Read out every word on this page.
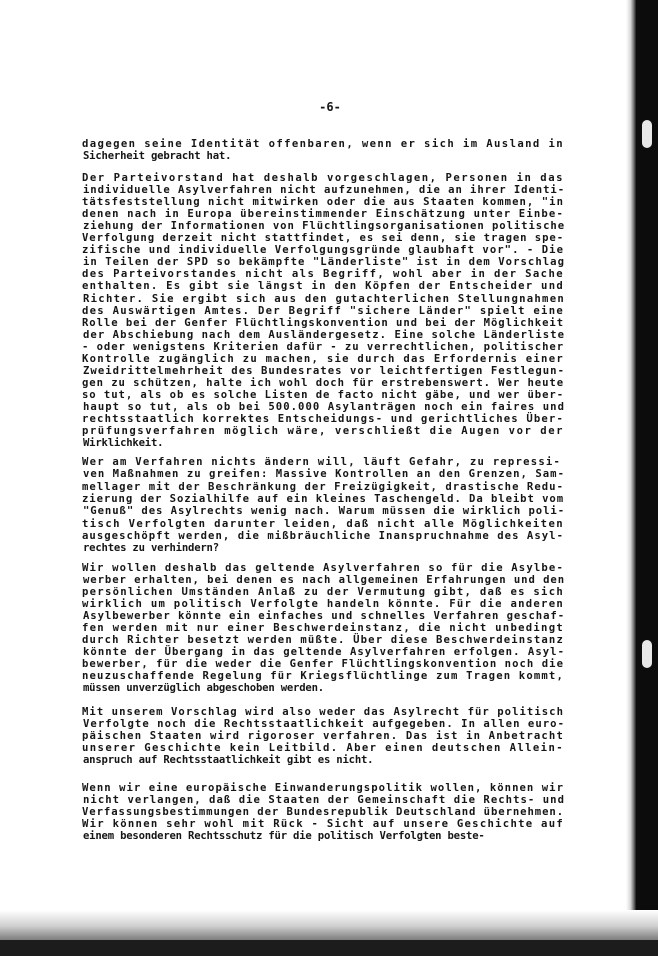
-6-
dagegen seine Identität offenbaren, wenn er sich im Ausland in
Sicherheit gebracht hat.
Der Parteivorstand hat deshalb vorgeschlagen, Personen in das
individuelle Asylverfahren nicht aufzunehmen, die an ihrer Identi-
tätsfeststellung nicht mitwirken oder die aus Staaten kommen, "in
denen nach in Europa übereinstimmender Einschätzung unter Einbe-
ziehung der Informationen von Flüchtlingsorganisationen politische
Verfolgung derzeit nicht stattfindet, es sei denn, sie tragen spe-
zifische und individuelle Verfolgungsgründe glaubhaft vor". - Die
in Teilen der SPD so bekämpfte "Länderliste" ist in dem Vorschlag
des Parteivorstandes nicht als Begriff, wohl aber in der Sache
enthalten. Es gibt sie längst in den Köpfen der Entscheider und
Richter. Sie ergibt sich aus den gutachterlichen Stellungnahmen
des Auswärtigen Amtes. Der Begriff "sichere Länder" spielt eine
Rolle bei der Genfer Flüchtlingskonvention und bei der Möglichkeit
der Abschiebung nach dem Ausländergesetz. Eine solche Länderliste
- oder wenigstens Kriterien dafür - zu verrechtlichen, politischer
Kontrolle zugänglich zu machen, sie durch das Erfordernis einer
Zweidrittelmehrheit des Bundesrates vor leichtfertigen Festlegun-
gen zu schützen, halte ich wohl doch für erstrebenswert. Wer heute
so tut, als ob es solche Listen de facto nicht gäbe, und wer über-
haupt so tut, als ob bei 500.000 Asylanträgen noch ein faires und
rechtsstaatlich korrektes Entscheidungs- und gerichtliches Über-
prüfungsverfahren möglich wäre, verschließt die Augen vor der
Wirklichkeit.
Wer am Verfahren nichts ändern will, läuft Gefahr, zu repressi-
ven Maßnahmen zu greifen: Massive Kontrollen an den Grenzen, Sam-
mellager mit der Beschränkung der Freizügigkeit, drastische Redu-
zierung der Sozialhilfe auf ein kleines Taschengeld. Da bleibt vom
"Genuß" des Asylrechts wenig nach. Warum müssen die wirklich poli-
tisch Verfolgten darunter leiden, daß nicht alle Möglichkeiten
ausgeschöpft werden, die mißbräuchliche Inanspruchnahme des Asyl-
rechtes zu verhindern?
Wir wollen deshalb das geltende Asylverfahren so für die Asylbe-
werber erhalten, bei denen es nach allgemeinen Erfahrungen und den
persönlichen Umständen Anlaß zu der Vermutung gibt, daß es sich
wirklich um politisch Verfolgte handeln könnte. Für die anderen
Asylbewerber könnte ein einfaches und schnelles Verfahren geschaf-
fen werden mit nur einer Beschwerdeinstanz, die nicht unbedingt
durch Richter besetzt werden müßte. Über diese Beschwerdeinstanz
könnte der Übergang in das geltende Asylverfahren erfolgen. Asyl-
bewerber, für die weder die Genfer Flüchtlingskonvention noch die
neuzuschaffende Regelung für Kriegsflüchtlinge zum Tragen kommt,
müssen unverzüglich abgeschoben werden.
Mit unserem Vorschlag wird also weder das Asylrecht für politisch
Verfolgte noch die Rechtsstaatlichkeit aufgegeben. In allen euro-
päischen Staaten wird rigoroser verfahren. Das ist in Anbetracht
unserer Geschichte kein Leitbild. Aber einen deutschen Allein-
anspruch auf Rechtsstaatlichkeit gibt es nicht.
Wenn wir eine europäische Einwanderungspolitik wollen, können wir
nicht verlangen, daß die Staaten der Gemeinschaft die Rechts- und
Verfassungsbestimmungen der Bundesrepublik Deutschland übernehmen.
Wir können sehr wohl mit Rück - Sicht auf unsere Geschichte auf
einem besonderen Rechtsschutz für die politisch Verfolgten beste-
